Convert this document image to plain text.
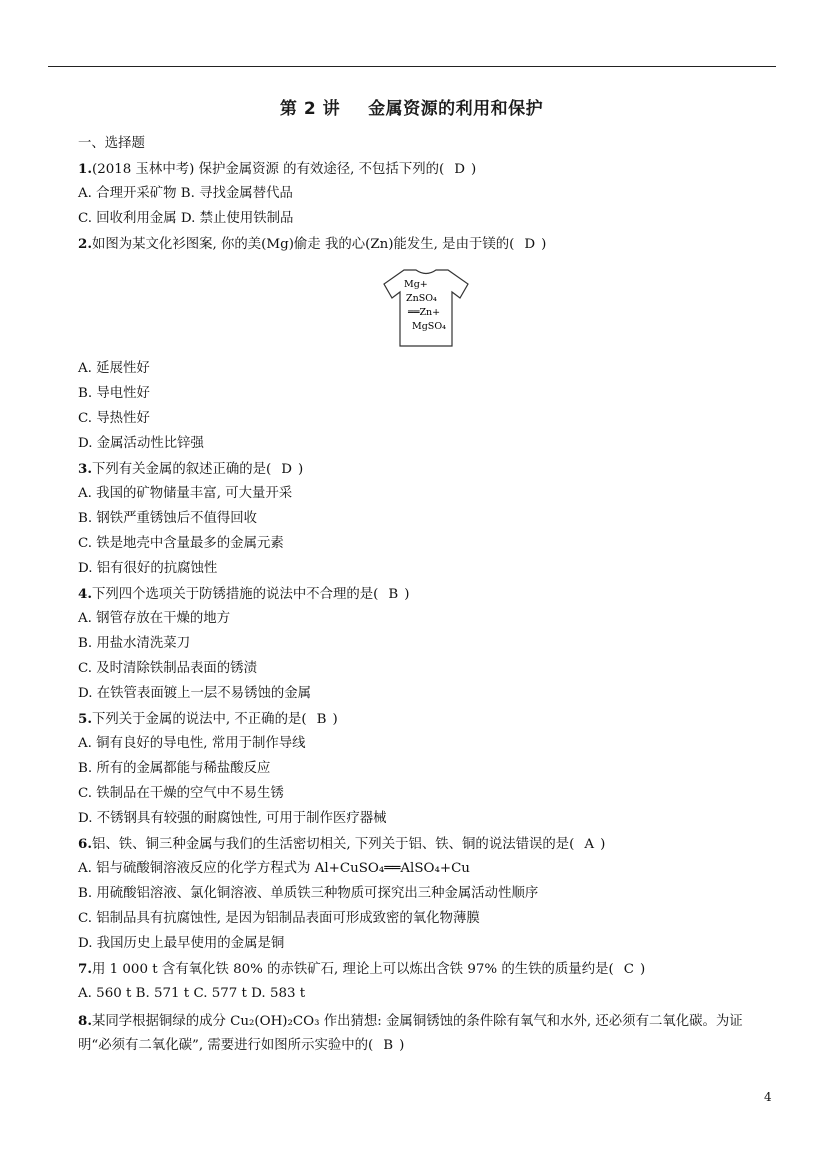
第 2 讲 金属资源的利用和保护
一、选择题
1.(2018 玉林中考) 保护金属资源 的有效途径, 不包括下列的( D )
A. 合理开采矿物 B. 寻找金属替代品
C. 回收利用金属 D. 禁止使用铁制品
2.如图为某文化衫图案, 你的美(Mg)偷走 我的心(Zn)能发生, 是由于镁的( D )
Mg+
ZnSO₄
══Zn+
MgSO₄
A. 延展性好
B. 导电性好
C. 导热性好
D. 金属活动性比锌强
3.下列有关金属的叙述正确的是( D )
A. 我国的矿物储量丰富, 可大量开采
B. 钢铁严重锈蚀后不值得回收
C. 铁是地壳中含量最多的金属元素
D. 铝有很好的抗腐蚀性
4.下列四个选项关于防锈措施的说法中不合理的是( B )
A. 钢管存放在干燥的地方
B. 用盐水清洗菜刀
C. 及时清除铁制品表面的锈渍
D. 在铁管表面镀上一层不易锈蚀的金属
5.下列关于金属的说法中, 不正确的是( B )
A. 铜有良好的导电性, 常用于制作导线
B. 所有的金属都能与稀盐酸反应
C. 铁制品在干燥的空气中不易生锈
D. 不锈钢具有较强的耐腐蚀性, 可用于制作医疗器械
6.铝、铁、铜三种金属与我们的生活密切相关, 下列关于铝、铁、铜的说法错误的是( A )
A. 铝与硫酸铜溶液反应的化学方程式为 Al+CuSO₄══AlSO₄+Cu
B. 用硫酸铝溶液、氯化铜溶液、单质铁三种物质可探究出三种金属活动性顺序
C. 铝制品具有抗腐蚀性, 是因为铝制品表面可形成致密的氧化物薄膜
D. 我国历史上最早使用的金属是铜
7.用 1 000 t 含有氧化铁 80% 的赤铁矿石, 理论上可以炼出含铁 97% 的生铁的质量约是( C )
A. 560 t B. 571 t C. 577 t D. 583 t
8.某同学根据铜绿的成分 Cu₂(OH)₂CO₃ 作出猜想: 金属铜锈蚀的条件除有氧气和水外, 还必须有二氧化碳。为证明“必须有二氧化碳”, 需要进行如图所示实验中的( B )
4
